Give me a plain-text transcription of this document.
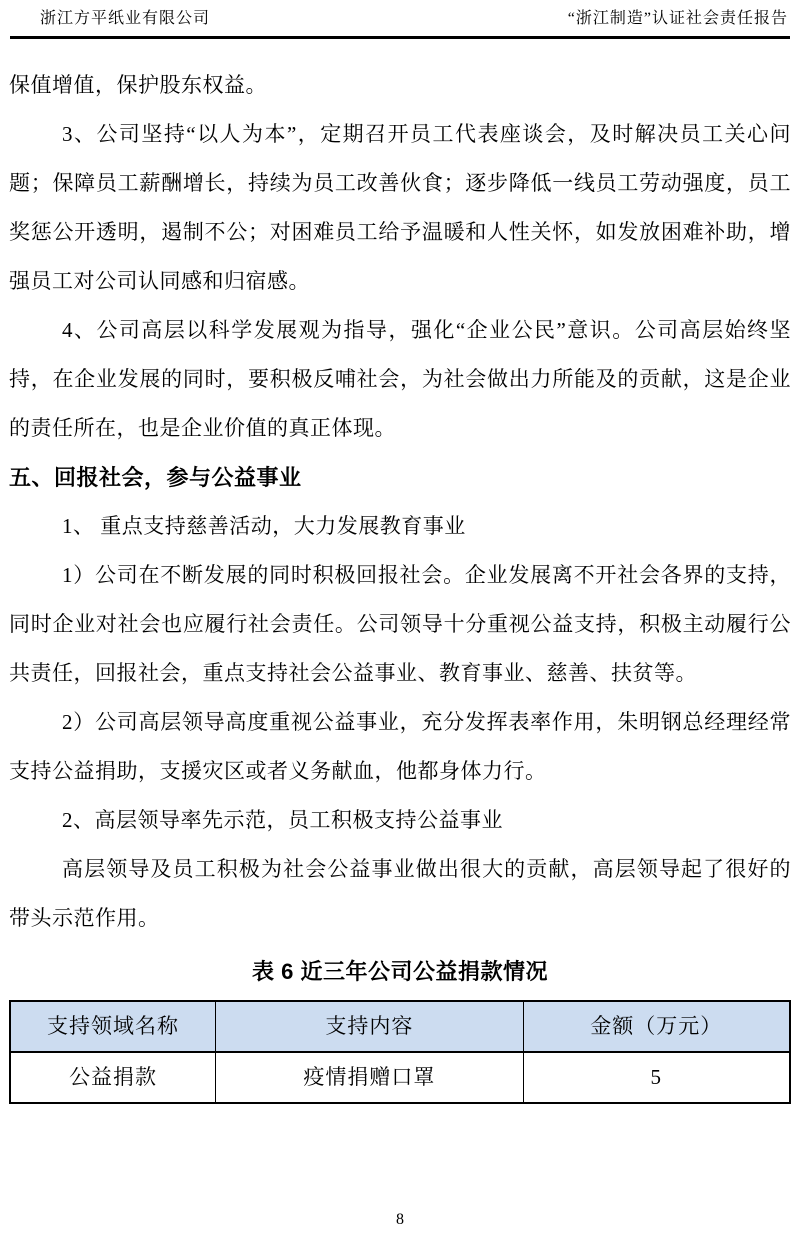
浙江方平纸业有限公司	“浙江制造”认证社会责任报告

保值增值，保护股东权益。

3、公司坚持“以人为本”，定期召开员工代表座谈会，及时解决员工关心问题；保障员工薪酬增长，持续为员工改善伙食；逐步降低一线员工劳动强度，员工奖惩公开透明，遏制不公；对困难员工给予温暖和人性关怀，如发放困难补助，增强员工对公司认同感和归宿感。

4、公司高层以科学发展观为指导，强化“企业公民”意识。公司高层始终坚持，在企业发展的同时，要积极反哺社会，为社会做出力所能及的贡献，这是企业的责任所在，也是企业价值的真正体现。

五、回报社会，参与公益事业

1、 重点支持慈善活动，大力发展教育事业

1）公司在不断发展的同时积极回报社会。企业发展离不开社会各界的支持，同时企业对社会也应履行社会责任。公司领导十分重视公益支持，积极主动履行公共责任，回报社会，重点支持社会公益事业、教育事业、慈善、扶贫等。

2）公司高层领导高度重视公益事业，充分发挥表率作用，朱明钢总经理经常支持公益捐助，支援灾区或者义务献血，他都身体力行。

2、高层领导率先示范，员工积极支持公益事业

高层领导及员工积极为社会公益事业做出很大的贡献，高层领导起了很好的带头示范作用。

表 6 近三年公司公益捐款情况
支持领域名称	支持内容	金额（万元）
公益捐款	疫情捐赠口罩	5
8
